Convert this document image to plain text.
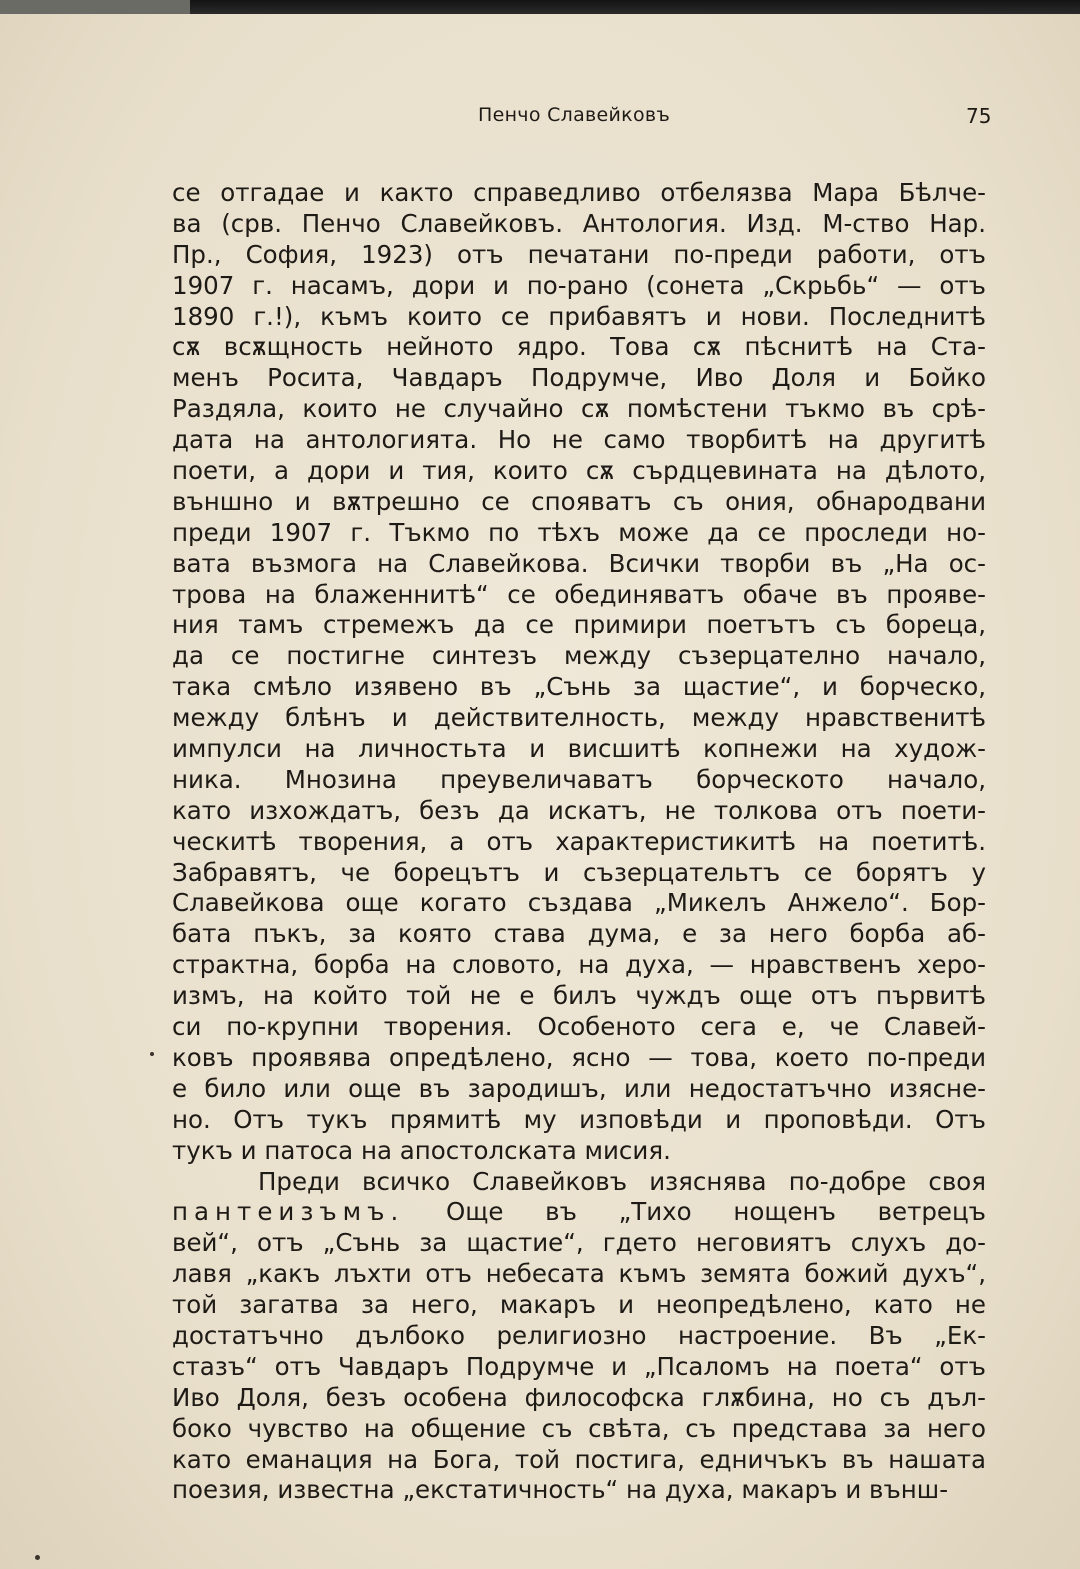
Пенчо Славейковъ	75
се отгадае и както справедливо отбелязва Мара Бѣлче-
ва (срв. Пенчо Славейковъ. Антология. Изд. М-ство Нар.
Пр., София, 1923) отъ печатани по-преди работи, отъ
1907 г. насамъ, дори и по-рано (сонета „Скрьбь“ — отъ
1890 г.!), къмъ които се прибавятъ и нови. Последнитѣ
сѫ всѫщность нейното ядро. Това сѫ пѣснитѣ на Ста-
менъ Росита, Чавдаръ Подрумче, Иво Доля и Бойко
Раздяла, които не случайно сѫ помѣстени тъкмо въ срѣ-
дата на антологията. Но не само творбитѣ на другитѣ
поети, а дори и тия, които сѫ сърдцевината на дѣлото,
външно и вѫтрешно се спояватъ съ ония, обнародвани
преди 1907 г. Тъкмо по тѣхъ може да се проследи но-
вата възмога на Славейкова. Всички творби въ „На ос-
трова на блаженнитѣ“ се обединяватъ обаче въ прояве-
ния тамъ стремежъ да се примири поетътъ съ бореца,
да се постигне синтезъ между съзерцателно начало,
така смѣло изявено въ „Сънь за щастие“, и борческо,
между блѣнъ и действителность, между нравственитѣ
импулси на личностьта и висшитѣ копнежи на худож-
ника. Мнозина преувеличаватъ борческото начало,
като изхождатъ, безъ да искатъ, не толкова отъ поети-
ческитѣ творения, а отъ характеристикитѣ на поетитѣ.
Забравятъ, че борецътъ и съзерцательтъ се борятъ у
Славейкова още когато създава „Микелъ Анжело“. Бор-
бата пъкъ, за която става дума, е за него борба аб-
страктна, борба на словото, на духа, — нравственъ херо-
измъ, на който той не е билъ чуждъ още отъ първитѣ
си по-крупни творения. Особеното сега е, че Славей-
ковъ проявява опредѣлено, ясно — това, което по-преди
е било или още въ зародишъ, или недостатъчно изясне-
но. Отъ тукъ прямитѣ му изповѣди и проповѣди. Отъ
тукъ и патоса на апостолската мисия.
Преди всичко Славейковъ изяснява по-добре своя
пантеизъмъ. Още въ „Тихо нощенъ ветрецъ
вей“, отъ „Сънь за щастие“, гдето неговиятъ слухъ до-
лавя „какъ лъхти отъ небесата къмъ земята божий духъ“,
той загатва за него, макаръ и неопредѣлено, като не
достатъчно дълбоко религиозно настроение. Въ „Ек-
стазъ“ отъ Чавдаръ Подрумче и „Псаломъ на поета“ отъ
Иво Доля, безъ особена философска глѫбина, но съ дъл-
боко чувство на общение съ свѣта, съ представа за него
като еманация на Бога, той постига, едничъкъ въ нашата
поезия, известна „екстатичность“ на духа, макаръ и външ-
